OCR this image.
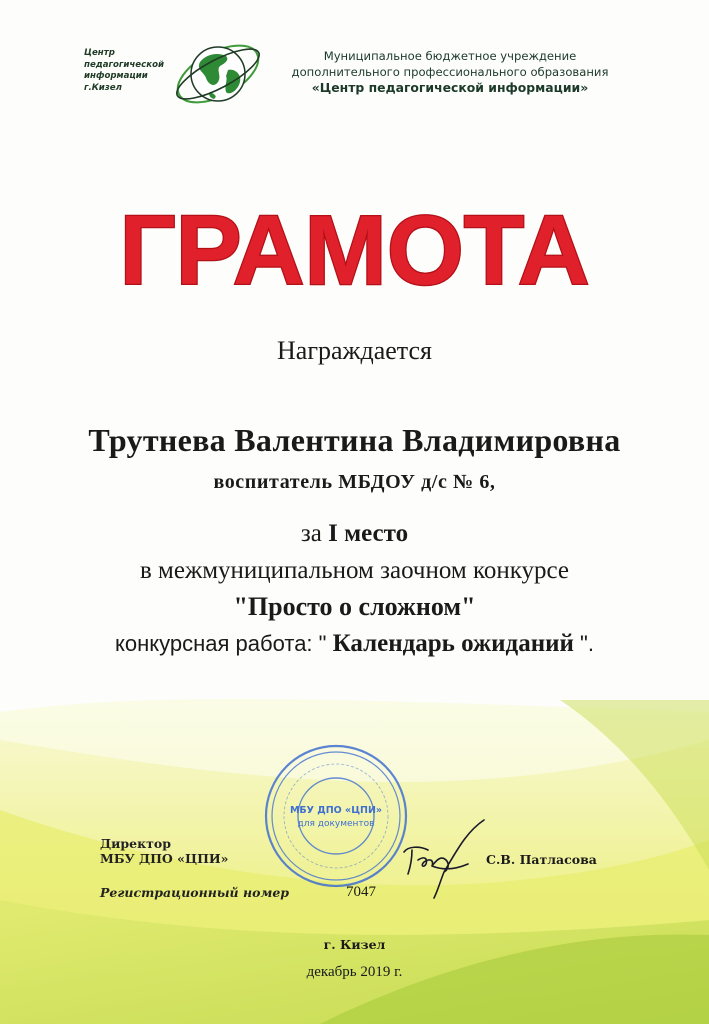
Центр
педагогической
информации
г.Кизел
Муниципальное бюджетное учреждение
дополнительного профессионального образования
«Центр педагогической информации»
ГРАМОТА
Награждается
Трутнева Валентина Владимировна
воспитатель МБДОУ д/с № 6,
за I место
в межмуниципальном заочном конкурсе
"Просто о сложном"
конкурсная работа: " Календарь ожиданий ".
МБУ ДПО «ЦПИ»
для документов
Директор
МБУ ДПО «ЦПИ»	С.В. Патласова
Регистрационный номер	7047
г. Кизел
декабрь 2019 г.
